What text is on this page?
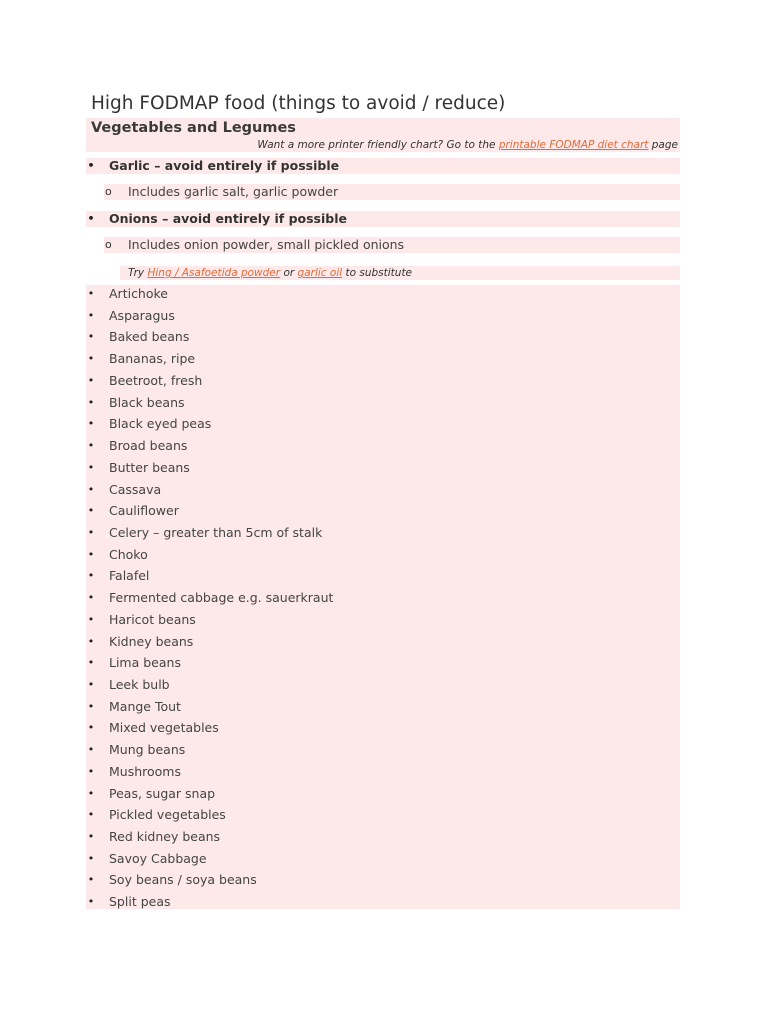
High FODMAP food (things to avoid / reduce)
Vegetables and Legumes
Want a more printer friendly chart? Go to the printable FODMAP diet chart page
• Garlic – avoid entirely if possible
o Includes garlic salt, garlic powder
• Onions – avoid entirely if possible
o Includes onion powder, small pickled onions
Try Hing / Asafoetida powder or garlic oil to substitute
• Artichoke
• Asparagus
• Baked beans
• Bananas, ripe
• Beetroot, fresh
• Black beans
• Black eyed peas
• Broad beans
• Butter beans
• Cassava
• Cauliflower
• Celery – greater than 5cm of stalk
• Choko
• Falafel
• Fermented cabbage e.g. sauerkraut
• Haricot beans
• Kidney beans
• Lima beans
• Leek bulb
• Mange Tout
• Mixed vegetables
• Mung beans
• Mushrooms
• Peas, sugar snap
• Pickled vegetables
• Red kidney beans
• Savoy Cabbage
• Soy beans / soya beans
• Split peas
